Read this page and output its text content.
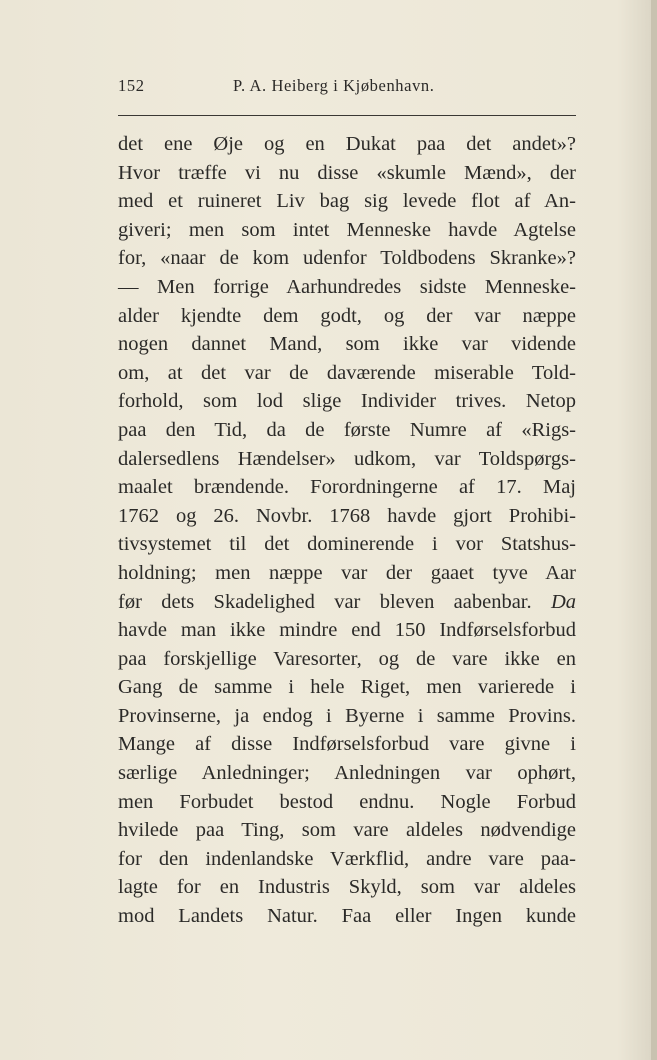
152	P. A. Heiberg i Kjøbenhavn.
det ene Øje og en Dukat paa det andet»?
Hvor træffe vi nu disse «skumle Mænd», der
med et ruineret Liv bag sig levede flot af An-
giveri; men som intet Menneske havde Agtelse
for, «naar de kom udenfor Toldbodens Skranke»?
— Men forrige Aarhundredes sidste Menneske-
alder kjendte dem godt, og der var næppe
nogen dannet Mand, som ikke var vidende
om, at det var de daværende miserable Told-
forhold, som lod slige Individer trives. Netop
paa den Tid, da de første Numre af «Rigs-
dalersedlens Hændelser» udkom, var Toldspørgs-
maalet brændende. Forordningerne af 17. Maj
1762 og 26. Novbr. 1768 havde gjort Prohibi-
tivsystemet til det dominerende i vor Statshus-
holdning; men næppe var der gaaet tyve Aar
før dets Skadelighed var bleven aabenbar. Da
havde man ikke mindre end 150 Indførselsforbud
paa forskjellige Varesorter, og de vare ikke en
Gang de samme i hele Riget, men varierede i
Provinserne, ja endog i Byerne i samme Provins.
Mange af disse Indførselsforbud vare givne i
særlige Anledninger; Anledningen var ophørt,
men Forbudet bestod endnu. Nogle Forbud
hvilede paa Ting, som vare aldeles nødvendige
for den indenlandske Værkflid, andre vare paa-
lagte for en Industris Skyld, som var aldeles
mod Landets Natur. Faa eller Ingen kunde
